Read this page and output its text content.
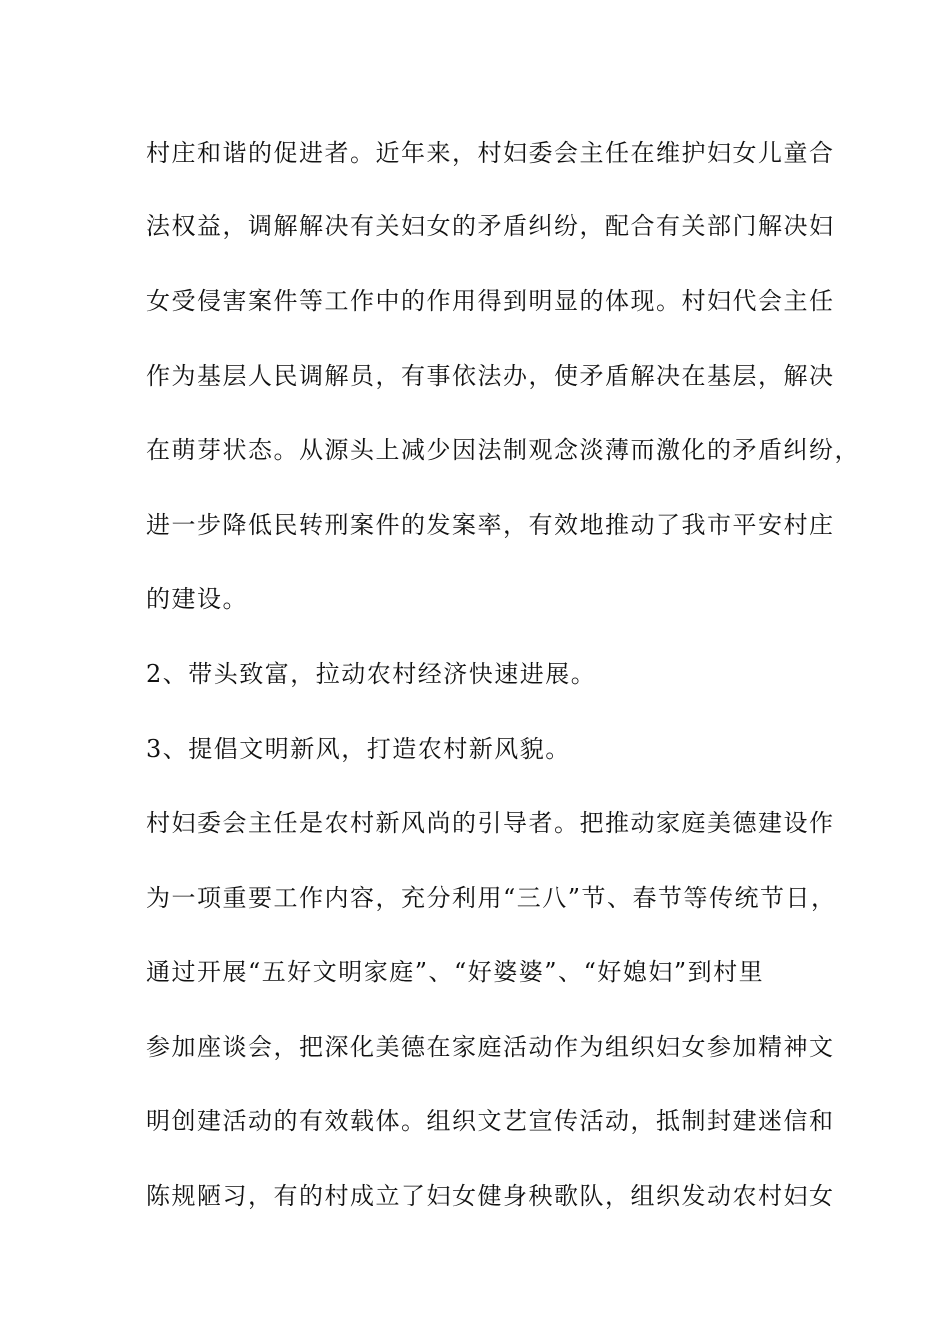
村庄和谐的促进者。近年来，村妇委会主任在维护妇女儿童合
法权益，调解解决有关妇女的矛盾纠纷，配合有关部门解决妇
女受侵害案件等工作中的作用得到明显的体现。村妇代会主任
作为基层人民调解员，有事依法办，使矛盾解决在基层，解决
在萌芽状态。从源头上减少因法制观念淡薄而激化的矛盾纠纷，
进一步降低民转刑案件的发案率，有效地推动了我市平安村庄
的建设。
2、带头致富，拉动农村经济快速进展。
3、提倡文明新风，打造农村新风貌。
村妇委会主任是农村新风尚的引导者。把推动家庭美德建设作
为一项重要工作内容，充分利用“三八”节、春节等传统节日，
通过开展“五好文明家庭”、“好婆婆”、“好媳妇”到村里
参加座谈会，把深化美德在家庭活动作为组织妇女参加精神文
明创建活动的有效载体。组织文艺宣传活动，抵制封建迷信和
陈规陋习，有的村成立了妇女健身秧歌队，组织发动农村妇女
